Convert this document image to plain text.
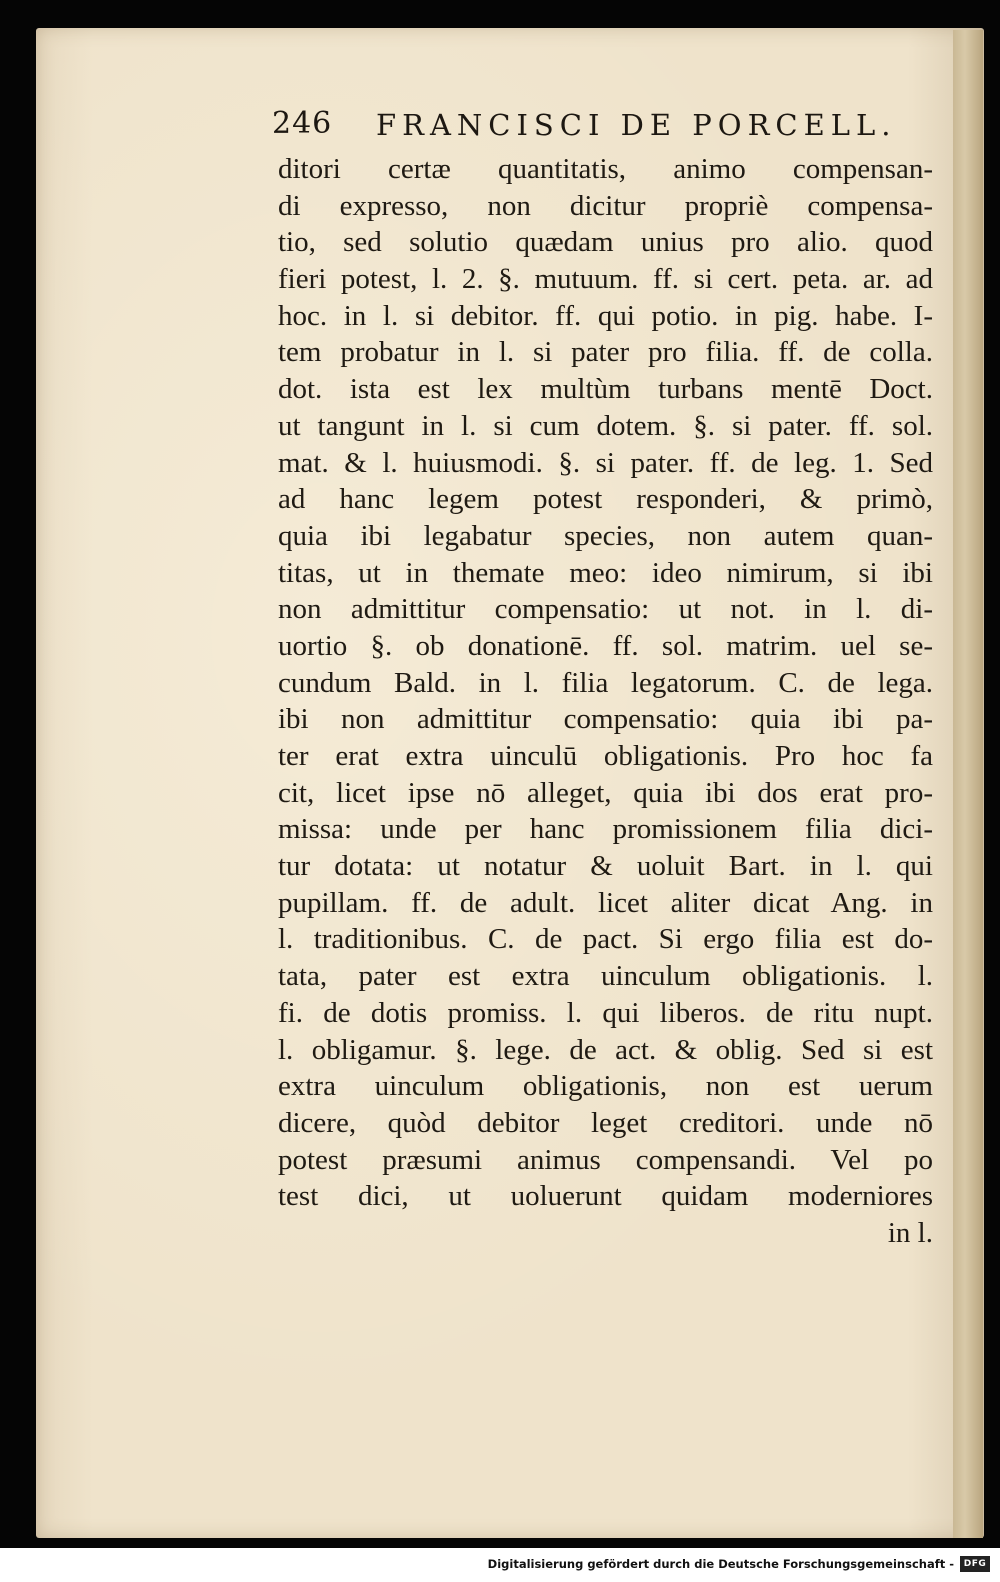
246 FRANCISCI DE PORCELL.
ditori certæ quantitatis, animo compensan‑
di expresso, non dicitur propriè compensa‑
tio, sed solutio quædam unius pro alio. quod
fieri potest, l. 2. §. mutuum. ff. si cert. peta. ar. ad
hoc. in l. si debitor. ff. qui potio. in pig. habe. I‑
tem probatur in l. si pater pro filia. ff. de colla.
dot. ista est lex multùm turbans mentē Doct.
ut tangunt in l. si cum dotem. §. si pater. ff. sol.
mat. & l. huiusmodi. §. si pater. ff. de leg. 1. Sed
ad hanc legem potest responderi, & primò,
quia ibi legabatur species, non autem quan‑
titas, ut in themate meo: ideo nimirum, si ibi
non admittitur compensatio: ut not. in l. di‑
uortio §. ob donationē. ff. sol. matrim. uel se‑
cundum Bald. in l. filia legatorum. C. de lega.
ibi non admittitur compensatio: quia ibi pa‑
ter erat extra uinculū obligationis. Pro hoc fa
cit, licet ipse nō alleget, quia ibi dos erat pro‑
missa: unde per hanc promissionem filia dici‑
tur dotata: ut notatur & uoluit Bart. in l. qui
pupillam. ff. de adult. licet aliter dicat Ang. in
l. traditionibus. C. de pact. Si ergo filia est do‑
tata, pater est extra uinculum obligationis. l.
fi. de dotis promiss. l. qui liberos. de ritu nupt.
l. obligamur. §. lege. de act. & oblig. Sed si est
extra uinculum obligationis, non est uerum
dicere, quòd debitor leget creditori. unde nō
potest præsumi animus compensandi. Vel po
test dici, ut uoluerunt quidam moderniores
in l.
Digitalisierung gefördert durch die Deutsche Forschungsgemeinschaft -	DFG
